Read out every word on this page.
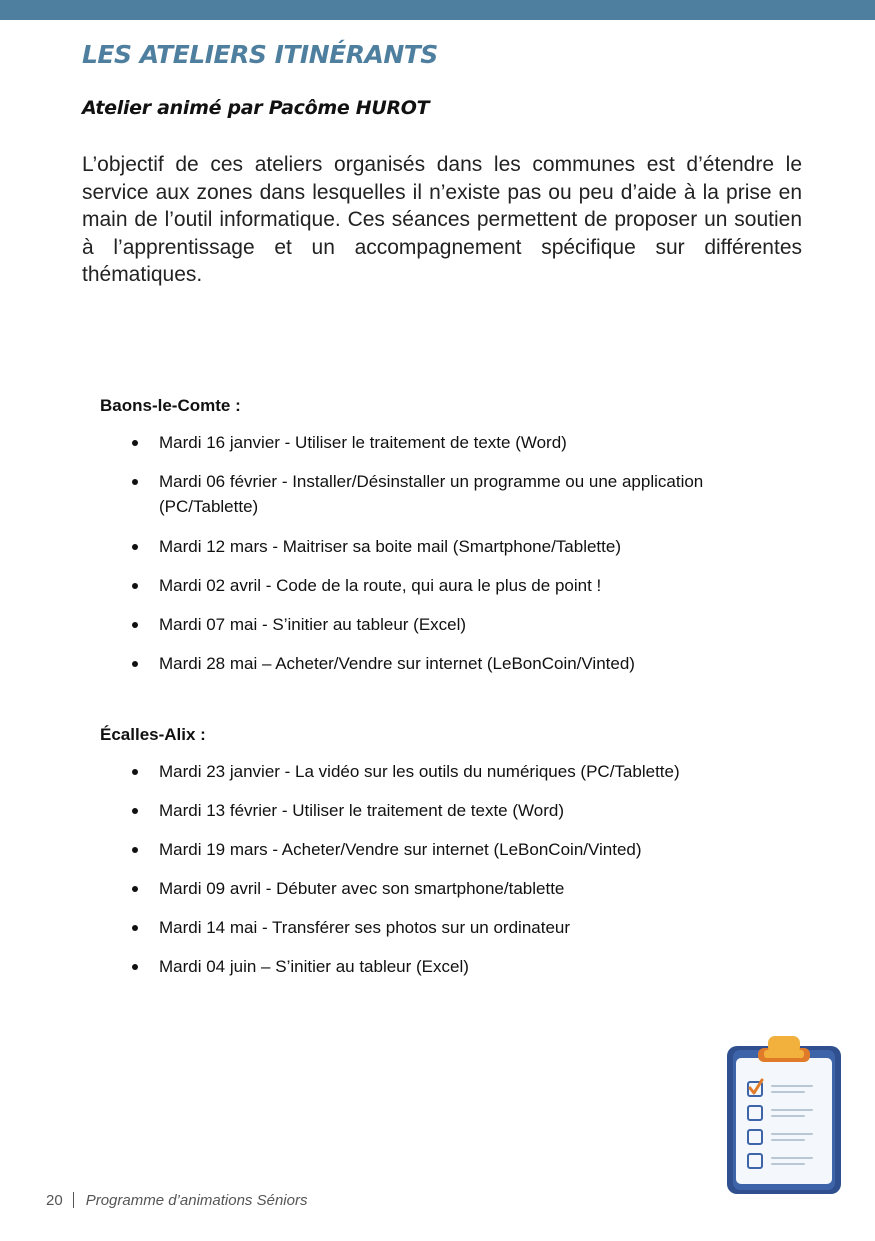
LES ATELIERS ITINÉRANTS
Atelier animé par Pacôme HUROT

L’objectif de ces ateliers organisés dans les communes est d’étendre le service aux zones dans lesquelles il n’existe pas ou peu d’aide à la prise en main de l’outil informatique. Ces séances permettent de proposer un soutien à l’apprentissage et un accompagnement spécifique sur différentes thématiques.

Baons-le-Comte :
Mardi 16 janvier - Utiliser le traitement de texte (Word)
Mardi 06 février - Installer/Désinstaller un programme ou une application (PC/Tablette)
Mardi 12 mars - Maitriser sa boite mail (Smartphone/Tablette)
Mardi 02 avril - Code de la route, qui aura le plus de point !
Mardi 07 mai - S’initier au tableur (Excel)
Mardi 28 mai – Acheter/Vendre sur internet (LeBonCoin/Vinted)
Écalles-Alix :
Mardi 23 janvier - La vidéo sur les outils du numériques (PC/Tablette)
Mardi 13 février - Utiliser le traitement de texte (Word)
Mardi 19 mars - Acheter/Vendre sur internet (LeBonCoin/Vinted)
Mardi 09 avril - Débuter avec son smartphone/tablette
Mardi 14 mai - Transférer ses photos sur un ordinateur
Mardi 04 juin – S’initier au tableur (Excel)
20 Programme d’animations Séniors
